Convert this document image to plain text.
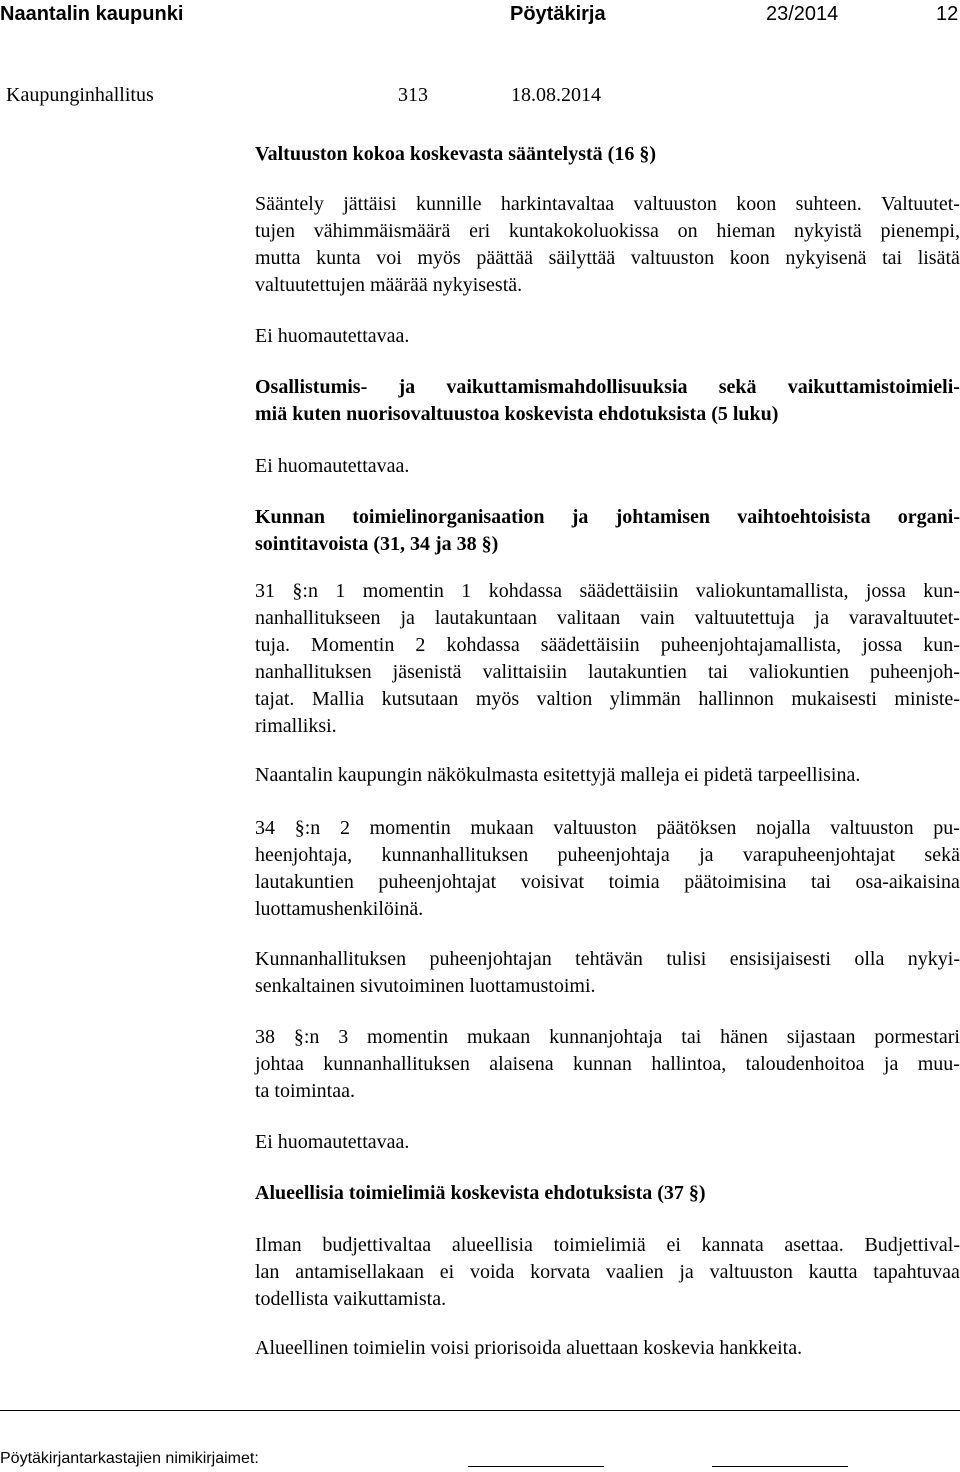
Naantalin kaupunki	Pöytäkirja	23/2014	12
Kaupunginhallitus	313	18.08.2014
Valtuuston kokoa koskevasta sääntelystä (16 §)
Sääntely jättäisi kunnille harkintavaltaa valtuuston koon suhteen. Valtuutet-
tujen vähimmäismäärä eri kuntakokoluokissa on hieman nykyistä pienempi,
mutta kunta voi myös päättää säilyttää valtuuston koon nykyisenä tai lisätä
valtuutettujen määrää nykyisestä.
Ei huomautettavaa.
Osallistumis- ja vaikuttamismahdollisuuksia sekä vaikuttamistoimieli-
miä kuten nuorisovaltuustoa koskevista ehdotuksista (5 luku)
Ei huomautettavaa.
Kunnan toimielinorganisaation ja johtamisen vaihtoehtoisista organi-
sointitavoista (31, 34 ja 38 §)
31 §:n 1 momentin 1 kohdassa säädettäisiin valiokuntamallista, jossa kun-
nanhallitukseen ja lautakuntaan valitaan vain valtuutettuja ja varavaltuutet-
tuja. Momentin 2 kohdassa säädettäisiin puheenjohtajamallista, jossa kun-
nanhallituksen jäsenistä valittaisiin lautakuntien tai valiokuntien puheenjoh-
tajat. Mallia kutsutaan myös valtion ylimmän hallinnon mukaisesti ministe-
rimalliksi.
Naantalin kaupungin näkökulmasta esitettyjä malleja ei pidetä tarpeellisina.
34 §:n 2 momentin mukaan valtuuston päätöksen nojalla valtuuston pu-
heenjohtaja, kunnanhallituksen puheenjohtaja ja varapuheenjohtajat sekä
lautakuntien puheenjohtajat voisivat toimia päätoimisina tai osa-aikaisina
luottamushenkilöinä.
Kunnanhallituksen puheenjohtajan tehtävän tulisi ensisijaisesti olla nykyi-
senkaltainen sivutoiminen luottamustoimi.
38 §:n 3 momentin mukaan kunnanjohtaja tai hänen sijastaan pormestari
johtaa kunnanhallituksen alaisena kunnan hallintoa, taloudenhoitoa ja muu-
ta toimintaa.
Ei huomautettavaa.
Alueellisia toimielimiä koskevista ehdotuksista (37 §)
Ilman budjettivaltaa alueellisia toimielimiä ei kannata asettaa. Budjettival-
lan antamisellakaan ei voida korvata vaalien ja valtuuston kautta tapahtuvaa
todellista vaikuttamista.
Alueellinen toimielin voisi priorisoida aluettaan koskevia hankkeita.
Pöytäkirjantarkastajien nimikirjaimet:
